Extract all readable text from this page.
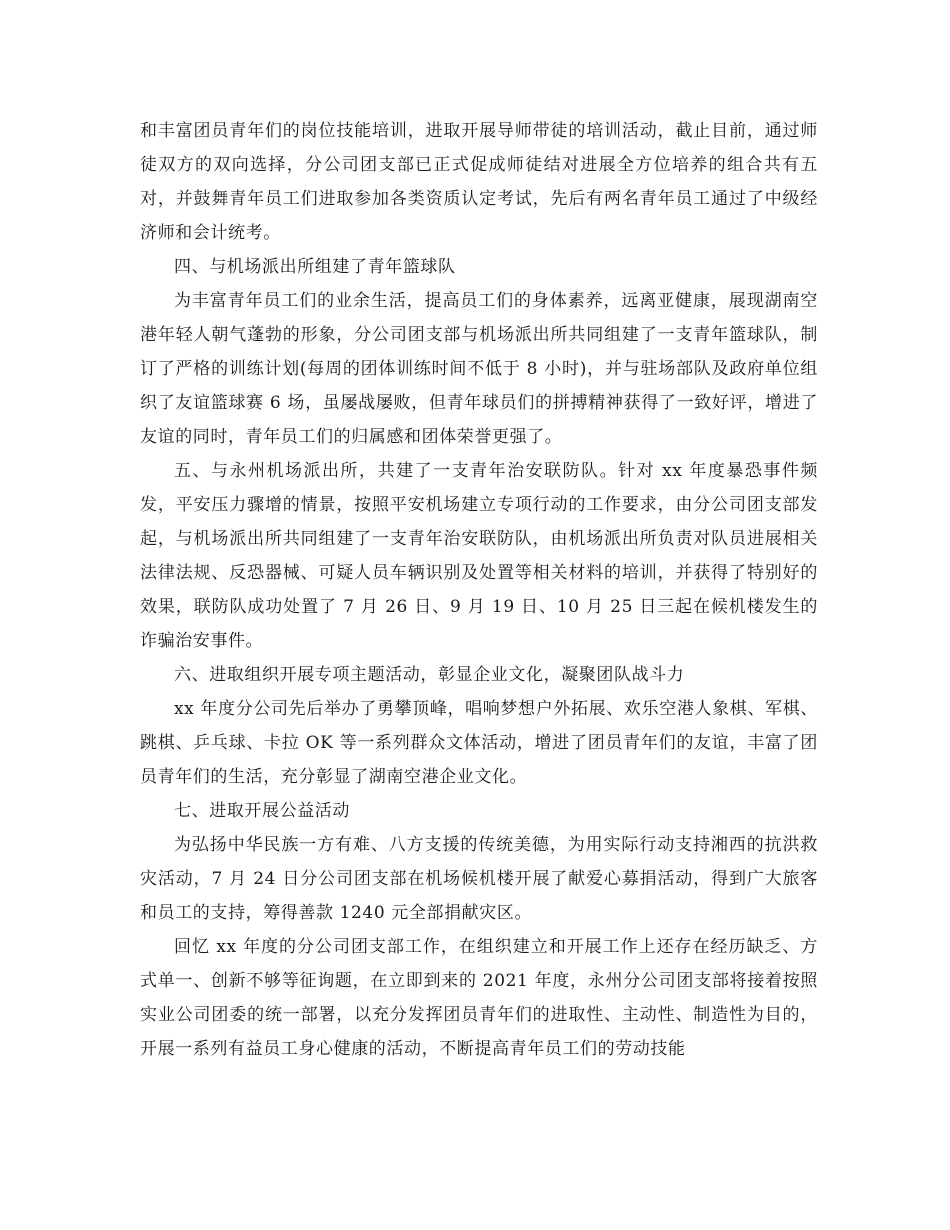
和丰富团员青年们的岗位技能培训，进取开展导师带徒的培训活动，截止目前，通过师徒双方的双向选择，分公司团支部已正式促成师徒结对进展全方位培养的组合共有五对，并鼓舞青年员工们进取参加各类资质认定考试，先后有两名青年员工通过了中级经济师和会计统考。

四、与机场派出所组建了青年篮球队

为丰富青年员工们的业余生活，提高员工们的身体素养，远离亚健康，展现湖南空港年轻人朝气蓬勃的形象，分公司团支部与机场派出所共同组建了一支青年篮球队，制订了严格的训练计划(每周的团体训练时间不低于 8 小时)，并与驻场部队及政府单位组织了友谊篮球赛 6 场，虽屡战屡败，但青年球员们的拼搏精神获得了一致好评，增进了友谊的同时，青年员工们的归属感和团体荣誉更强了。

五、与永州机场派出所，共建了一支青年治安联防队。针对 xx 年度暴恐事件频发，平安压力骤增的情景，按照平安机场建立专项行动的工作要求，由分公司团支部发起，与机场派出所共同组建了一支青年治安联防队，由机场派出所负责对队员进展相关法律法规、反恐器械、可疑人员车辆识别及处置等相关材料的培训，并获得了特别好的效果，联防队成功处置了 7 月 26 日、9 月 19 日、10 月 25 日三起在候机楼发生的诈骗治安事件。

六、进取组织开展专项主题活动，彰显企业文化，凝聚团队战斗力

xx 年度分公司先后举办了勇攀顶峰，唱响梦想户外拓展、欢乐空港人象棋、军棋、跳棋、乒乓球、卡拉 OK 等一系列群众文体活动，增进了团员青年们的友谊，丰富了团员青年们的生活，充分彰显了湖南空港企业文化。

七、进取开展公益活动

为弘扬中华民族一方有难、八方支援的传统美德，为用实际行动支持湘西的抗洪救灾活动，7 月 24 日分公司团支部在机场候机楼开展了献爱心募捐活动，得到广大旅客和员工的支持，筹得善款 1240 元全部捐献灾区。

回忆 xx 年度的分公司团支部工作，在组织建立和开展工作上还存在经历缺乏、方式单一、创新不够等征询题，在立即到来的 2021 年度，永州分公司团支部将接着按照实业公司团委的统一部署，以充分发挥团员青年们的进取性、主动性、制造性为目的，开展一系列有益员工身心健康的活动，不断提高青年员工们的劳动技能
